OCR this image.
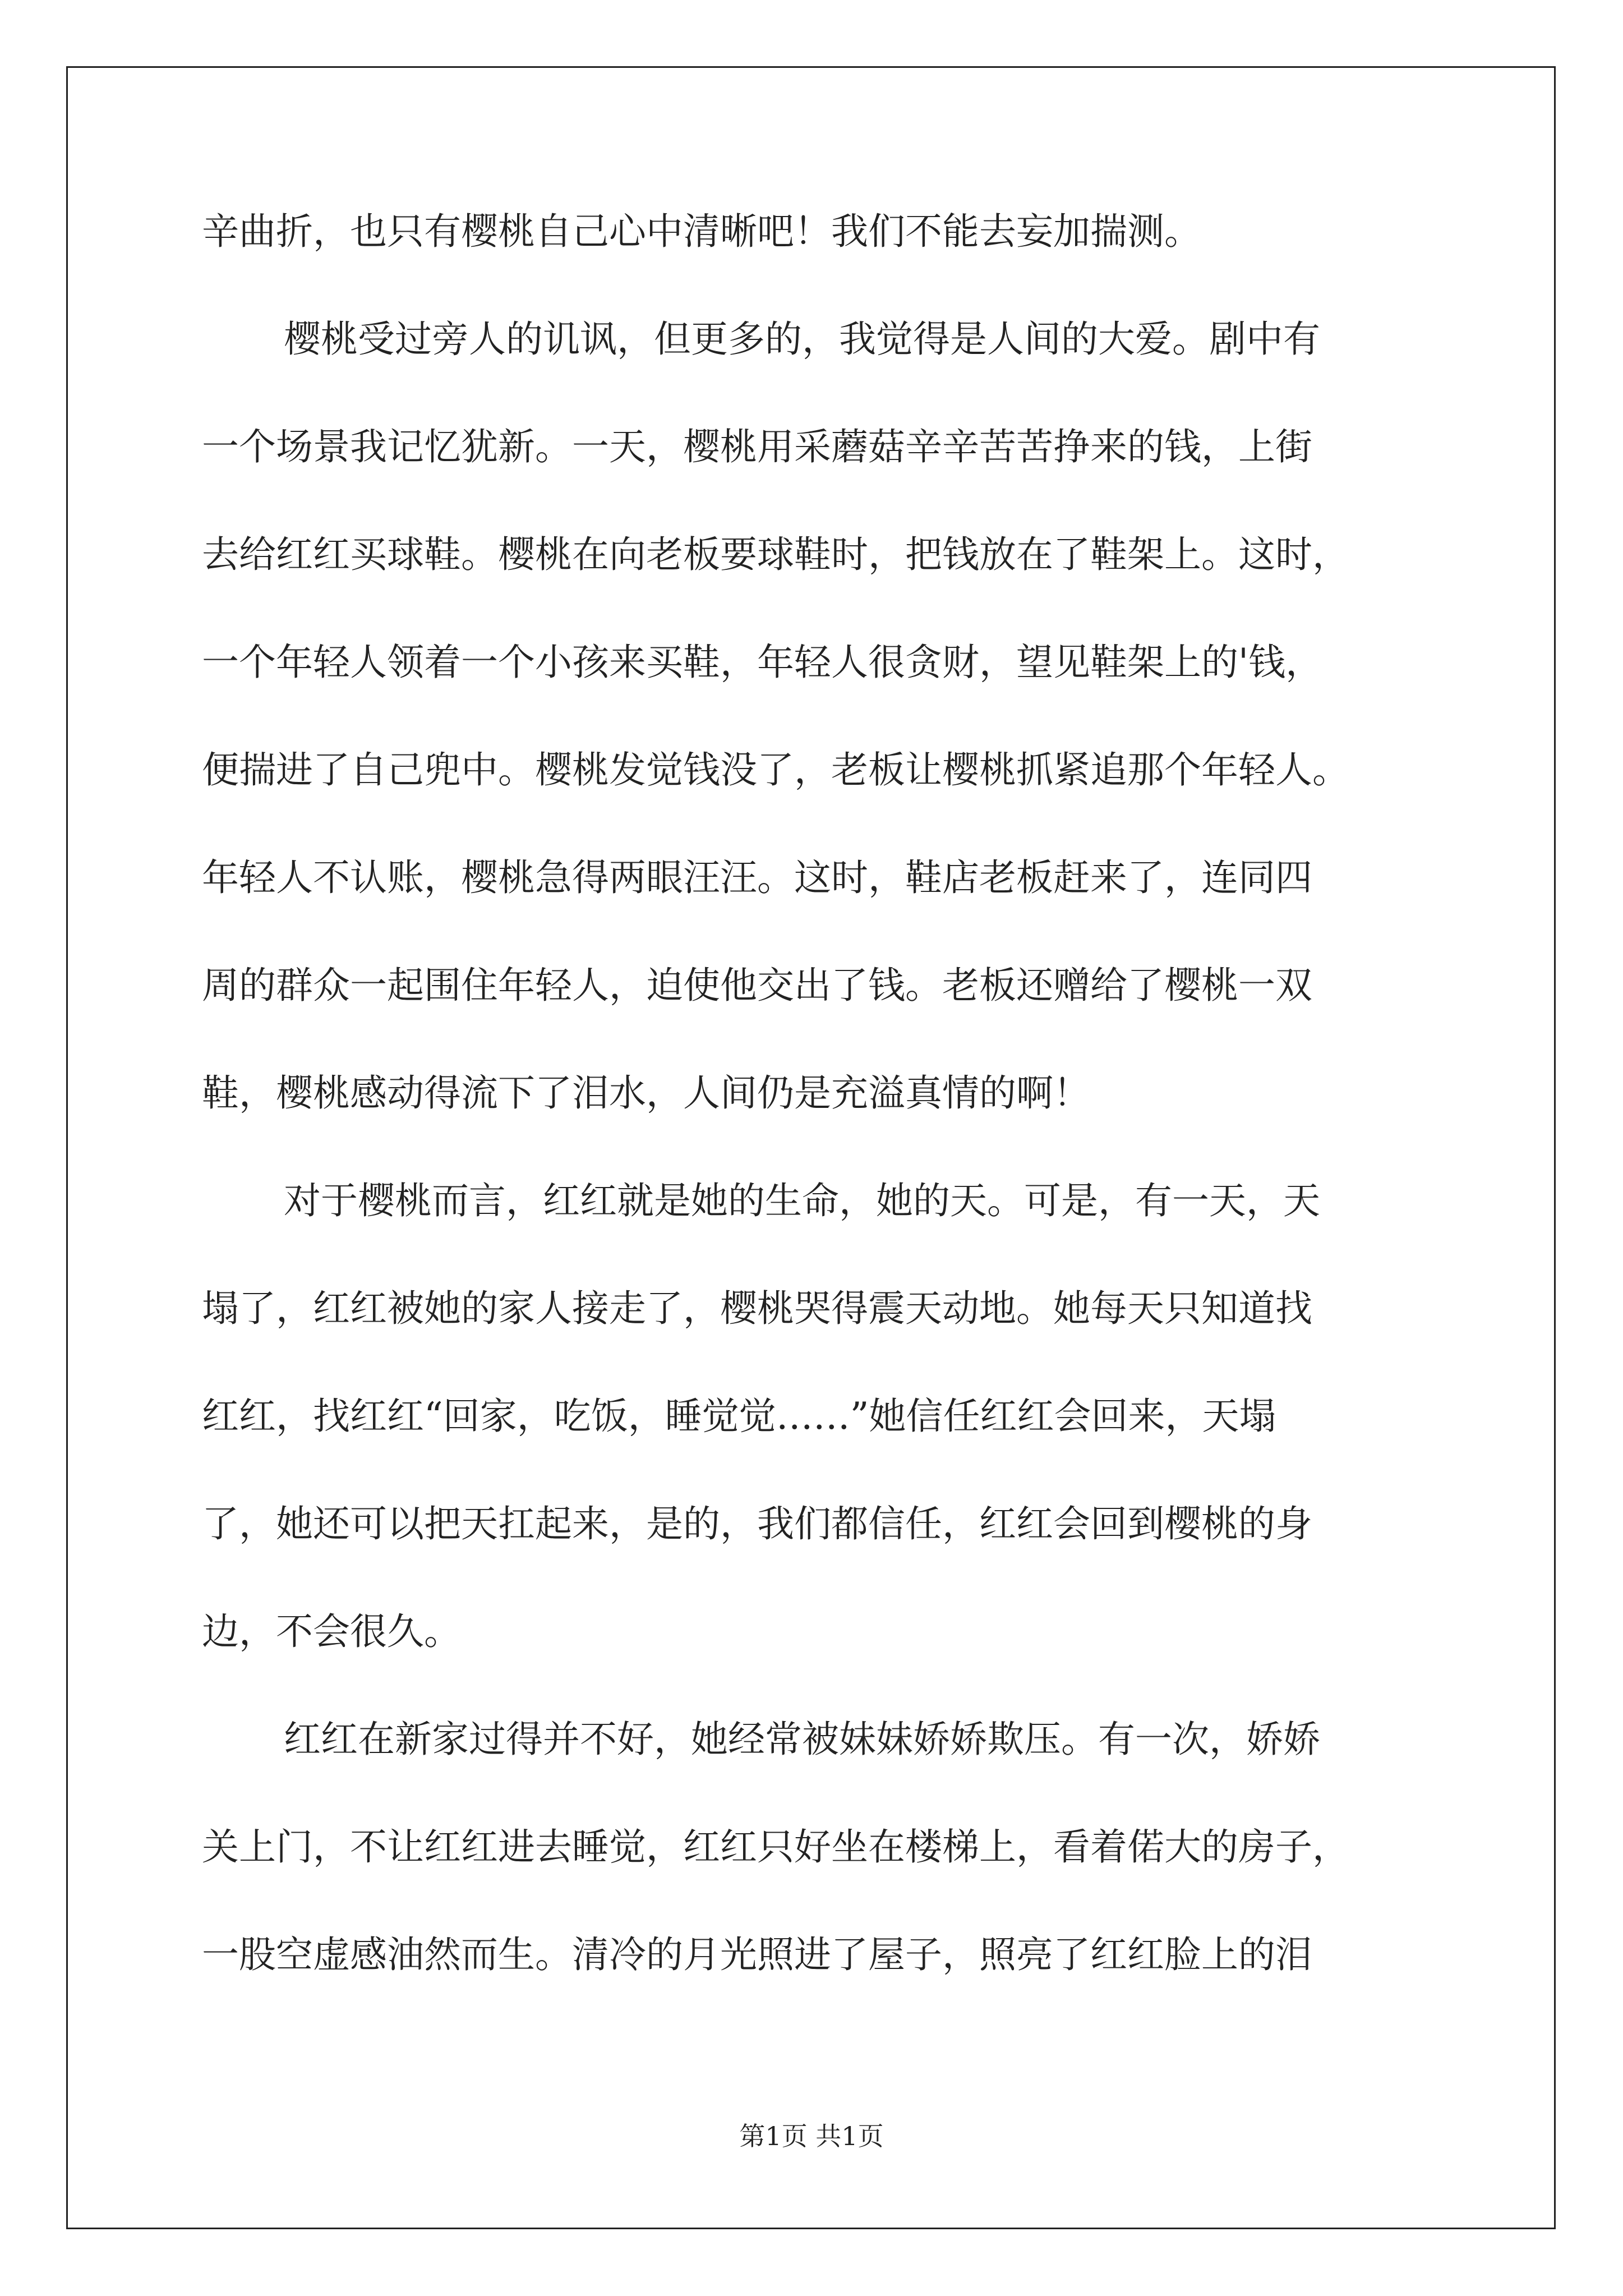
辛曲折，也只有樱桃自己心中清晰吧！我们不能去妄加揣测。
樱桃受过旁人的讥讽，但更多的，我觉得是人间的大爱。剧中有
一个场景我记忆犹新。一天，樱桃用采蘑菇辛辛苦苦挣来的钱，上街
去给红红买球鞋。樱桃在向老板要球鞋时，把钱放在了鞋架上。这时，
一个年轻人领着一个小孩来买鞋，年轻人很贪财，望见鞋架上的'钱，
便揣进了自己兜中。樱桃发觉钱没了，老板让樱桃抓紧追那个年轻人。
年轻人不认账，樱桃急得两眼汪汪。这时，鞋店老板赶来了，连同四
周的群众一起围住年轻人，迫使他交出了钱。老板还赠给了樱桃一双
鞋，樱桃感动得流下了泪水，人间仍是充溢真情的啊！
对于樱桃而言，红红就是她的生命，她的天。可是，有一天，天
塌了，红红被她的家人接走了，樱桃哭得震天动地。她每天只知道找
红红，找红红“回家，吃饭，睡觉觉……”她信任红红会回来，天塌
了，她还可以把天扛起来，是的，我们都信任，红红会回到樱桃的身
边，不会很久。
红红在新家过得并不好，她经常被妹妹娇娇欺压。有一次，娇娇
关上门，不让红红进去睡觉，红红只好坐在楼梯上，看着偌大的房子，
一股空虚感油然而生。清冷的月光照进了屋子，照亮了红红脸上的泪
第1页 共1页
